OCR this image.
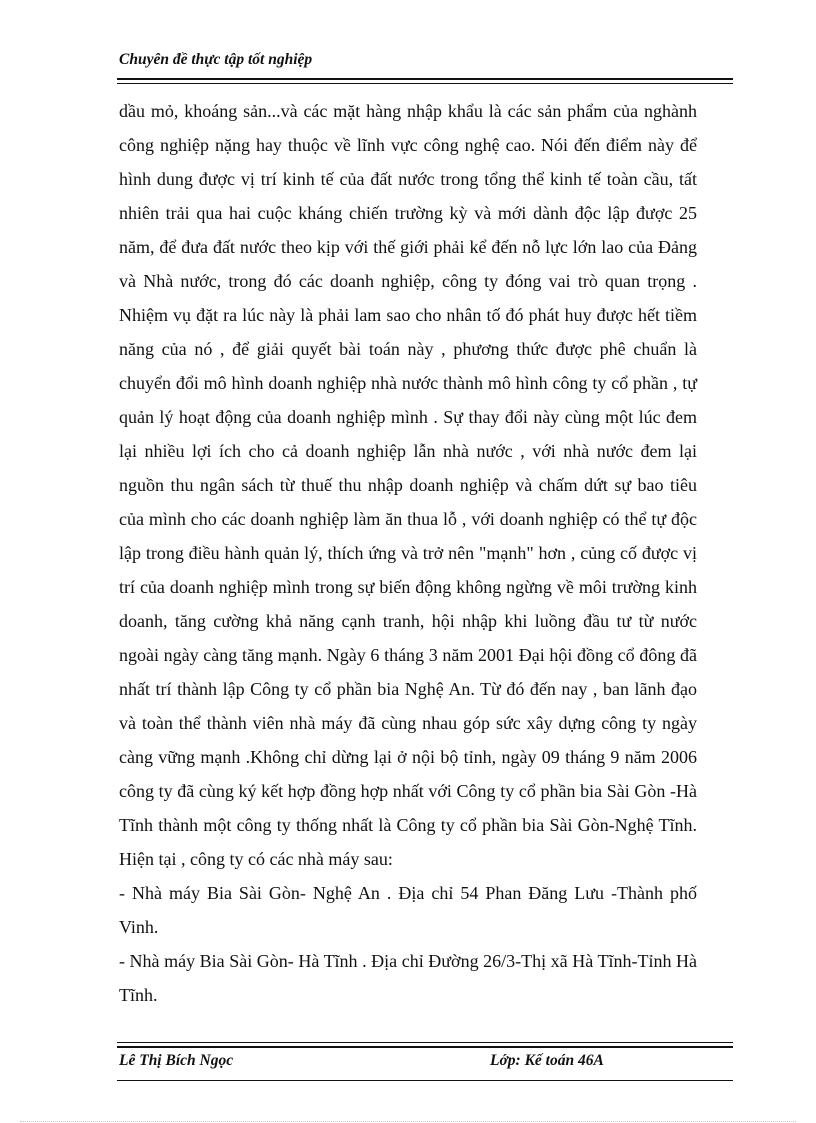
Chuyên đề thực tập tốt nghiệp

dầu mỏ, khoáng sản...và các mặt hàng nhập khẩu là các sản phẩm của nghành công nghiệp nặng hay thuộc về lĩnh vực công nghệ cao. Nói đến điểm này để hình dung được vị trí kinh tế của đất nước trong tổng thể kinh tế toàn cầu, tất nhiên trải qua hai cuộc kháng chiến trường kỳ và mới dành độc lập được 25 năm, để đưa đất nước theo kịp với thế giới phải kể đến nỗ lực lớn lao của Đảng và Nhà nước, trong đó các doanh nghiệp, công ty đóng vai trò quan trọng . Nhiệm vụ đặt ra lúc này là phải lam sao cho nhân tố đó phát huy được hết tiềm năng của nó , để giải quyết bài toán này , phương thức được phê chuẩn là chuyển đổi mô hình doanh nghiệp nhà nước thành mô hình công ty cổ phần , tự quản lý hoạt động của doanh nghiệp mình . Sự thay đổi này cùng một lúc đem lại nhiều lợi ích cho cả doanh nghiệp lẫn nhà nước , với nhà nước đem lại nguồn thu ngân sách từ thuế thu nhập doanh nghiệp và chấm dứt sự bao tiêu của mình cho các doanh nghiệp làm ăn thua lỗ , với doanh nghiệp có thể tự độc lập trong điều hành quản lý, thích ứng và trở nên "mạnh" hơn , củng cố được vị trí của doanh nghiệp mình trong sự biến động không ngừng về môi trường kinh doanh, tăng cường khả năng cạnh tranh, hội nhập khi luồng đầu tư từ nước ngoài ngày càng tăng mạnh. Ngày 6 tháng 3 năm 2001 Đại hội đồng cổ đông đã nhất trí thành lập Công ty cổ phần bia Nghệ An. Từ đó đến nay , ban lãnh đạo và toàn thể thành viên nhà máy đã cùng nhau góp sức xây dựng công ty ngày càng vững mạnh .Không chỉ dừng lại ở nội bộ tỉnh, ngày 09 tháng 9 năm 2006 công ty đã cùng ký kết hợp đồng hợp nhất với Công ty cổ phần bia Sài Gòn -Hà Tĩnh thành một công ty thống nhất là Công ty cổ phần bia Sài Gòn-Nghệ Tĩnh. Hiện tại , công ty có các nhà máy sau:

- Nhà máy Bia Sài Gòn- Nghệ An . Địa chỉ 54 Phan Đăng Lưu -Thành phố Vinh.

- Nhà máy Bia Sài Gòn- Hà Tĩnh . Địa chỉ Đường 26/3-Thị xã Hà Tĩnh-Tỉnh Hà Tĩnh.

Lê Thị Bích Ngọc	Lớp: Kế toán 46A
